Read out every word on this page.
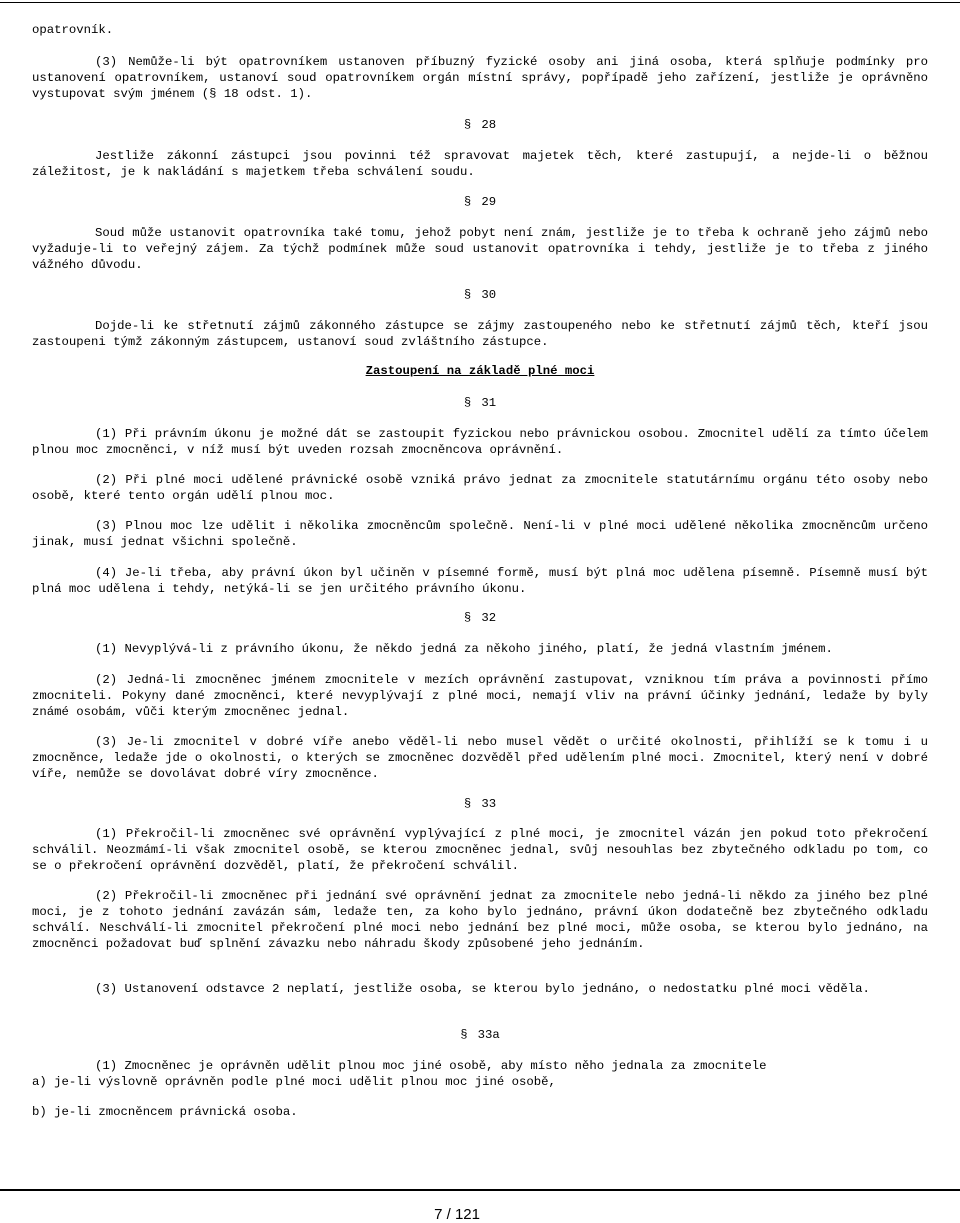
opatrovník.
(3) Nemůže-li být opatrovníkem ustanoven příbuzný fyzické osoby ani jiná osoba, která splňuje podmínky pro ustanovení opatrovníkem, ustanoví soud opatrovníkem orgán místní správy, popřípadě jeho zařízení, jestliže je oprávněno vystupovat svým jménem (§ 18 odst. 1).
§ 28
Jestliže zákonní zástupci jsou povinni též spravovat majetek těch, které zastupují, a nejde-li o běžnou záležitost, je k nakládání s majetkem třeba schválení soudu.
§ 29
Soud může ustanovit opatrovníka také tomu, jehož pobyt není znám, jestliže je to třeba k ochraně jeho zájmů nebo vyžaduje-li to veřejný zájem. Za týchž podmínek může soud ustanovit opatrovníka i tehdy, jestliže je to třeba z jiného vážného důvodu.
§ 30
Dojde-li ke střetnutí zájmů zákonného zástupce se zájmy zastoupeného nebo ke střetnutí zájmů těch, kteří jsou zastoupeni týmž zákonným zástupcem, ustanoví soud zvláštního zástupce.
Zastoupení na základě plné moci
§ 31
(1) Při právním úkonu je možné dát se zastoupit fyzickou nebo právnickou osobou. Zmocnitel udělí za tímto účelem plnou moc zmocněnci, v níž musí být uveden rozsah zmocněncova oprávnění.
(2) Při plné moci udělené právnické osobě vzniká právo jednat za zmocnitele statutárnímu orgánu této osoby nebo osobě, které tento orgán udělí plnou moc.
(3) Plnou moc lze udělit i několika zmocněncům společně. Není-li v plné moci udělené několika zmocněncům určeno jinak, musí jednat všichni společně.
(4) Je-li třeba, aby právní úkon byl učiněn v písemné formě, musí být plná moc udělena písemně. Písemně musí být plná moc udělena i tehdy, netýká-li se jen určitého právního úkonu.
§ 32
(1) Nevyplývá-li z právního úkonu, že někdo jedná za někoho jiného, platí, že jedná vlastním jménem.
(2) Jedná-li zmocněnec jménem zmocnitele v mezích oprávnění zastupovat, vzniknou tím práva a povinnosti přímo zmocniteli. Pokyny dané zmocněnci, které nevyplývají z plné moci, nemají vliv na právní účinky jednání, ledaže by byly známé osobám, vůči kterým zmocněnec jednal.
(3) Je-li zmocnitel v dobré víře anebo věděl-li nebo musel vědět o určité okolnosti, přihlíží se k tomu i u zmocněnce, ledaže jde o okolnosti, o kterých se zmocněnec dozvěděl před udělením plné moci. Zmocnitel, který není v dobré víře, nemůže se dovolávat dobré víry zmocněnce.
§ 33
(1) Překročil-li zmocněnec své oprávnění vyplývající z plné moci, je zmocnitel vázán jen pokud toto překročení schválil. Neozmámí-li však zmocnitel osobě, se kterou zmocněnec jednal, svůj nesouhlas bez zbytečného odkladu po tom, co se o překročení oprávnění dozvěděl, platí, že překročení schválil.
(2) Překročil-li zmocněnec při jednání své oprávnění jednat za zmocnitele nebo jedná-li někdo za jiného bez plné moci, je z tohoto jednání zavázán sám, ledaže ten, za koho bylo jednáno, právní úkon dodatečně bez zbytečného odkladu schválí. Neschválí-li zmocnitel překročení plné moci nebo jednání bez plné moci, může osoba, se kterou bylo jednáno, na zmocněnci požadovat buď splnění závazku nebo náhradu škody způsobené jeho jednáním.
(3) Ustanovení odstavce 2 neplatí, jestliže osoba, se kterou bylo jednáno, o nedostatku plné moci věděla.
§ 33a
(1) Zmocněnec je oprávněn udělit plnou moc jiné osobě, aby místo něho jednala za zmocnitele
a) je-li výslovně oprávněn podle plné moci udělit plnou moc jiné osobě,
b) je-li zmocněncem právnická osoba.
7 / 121
